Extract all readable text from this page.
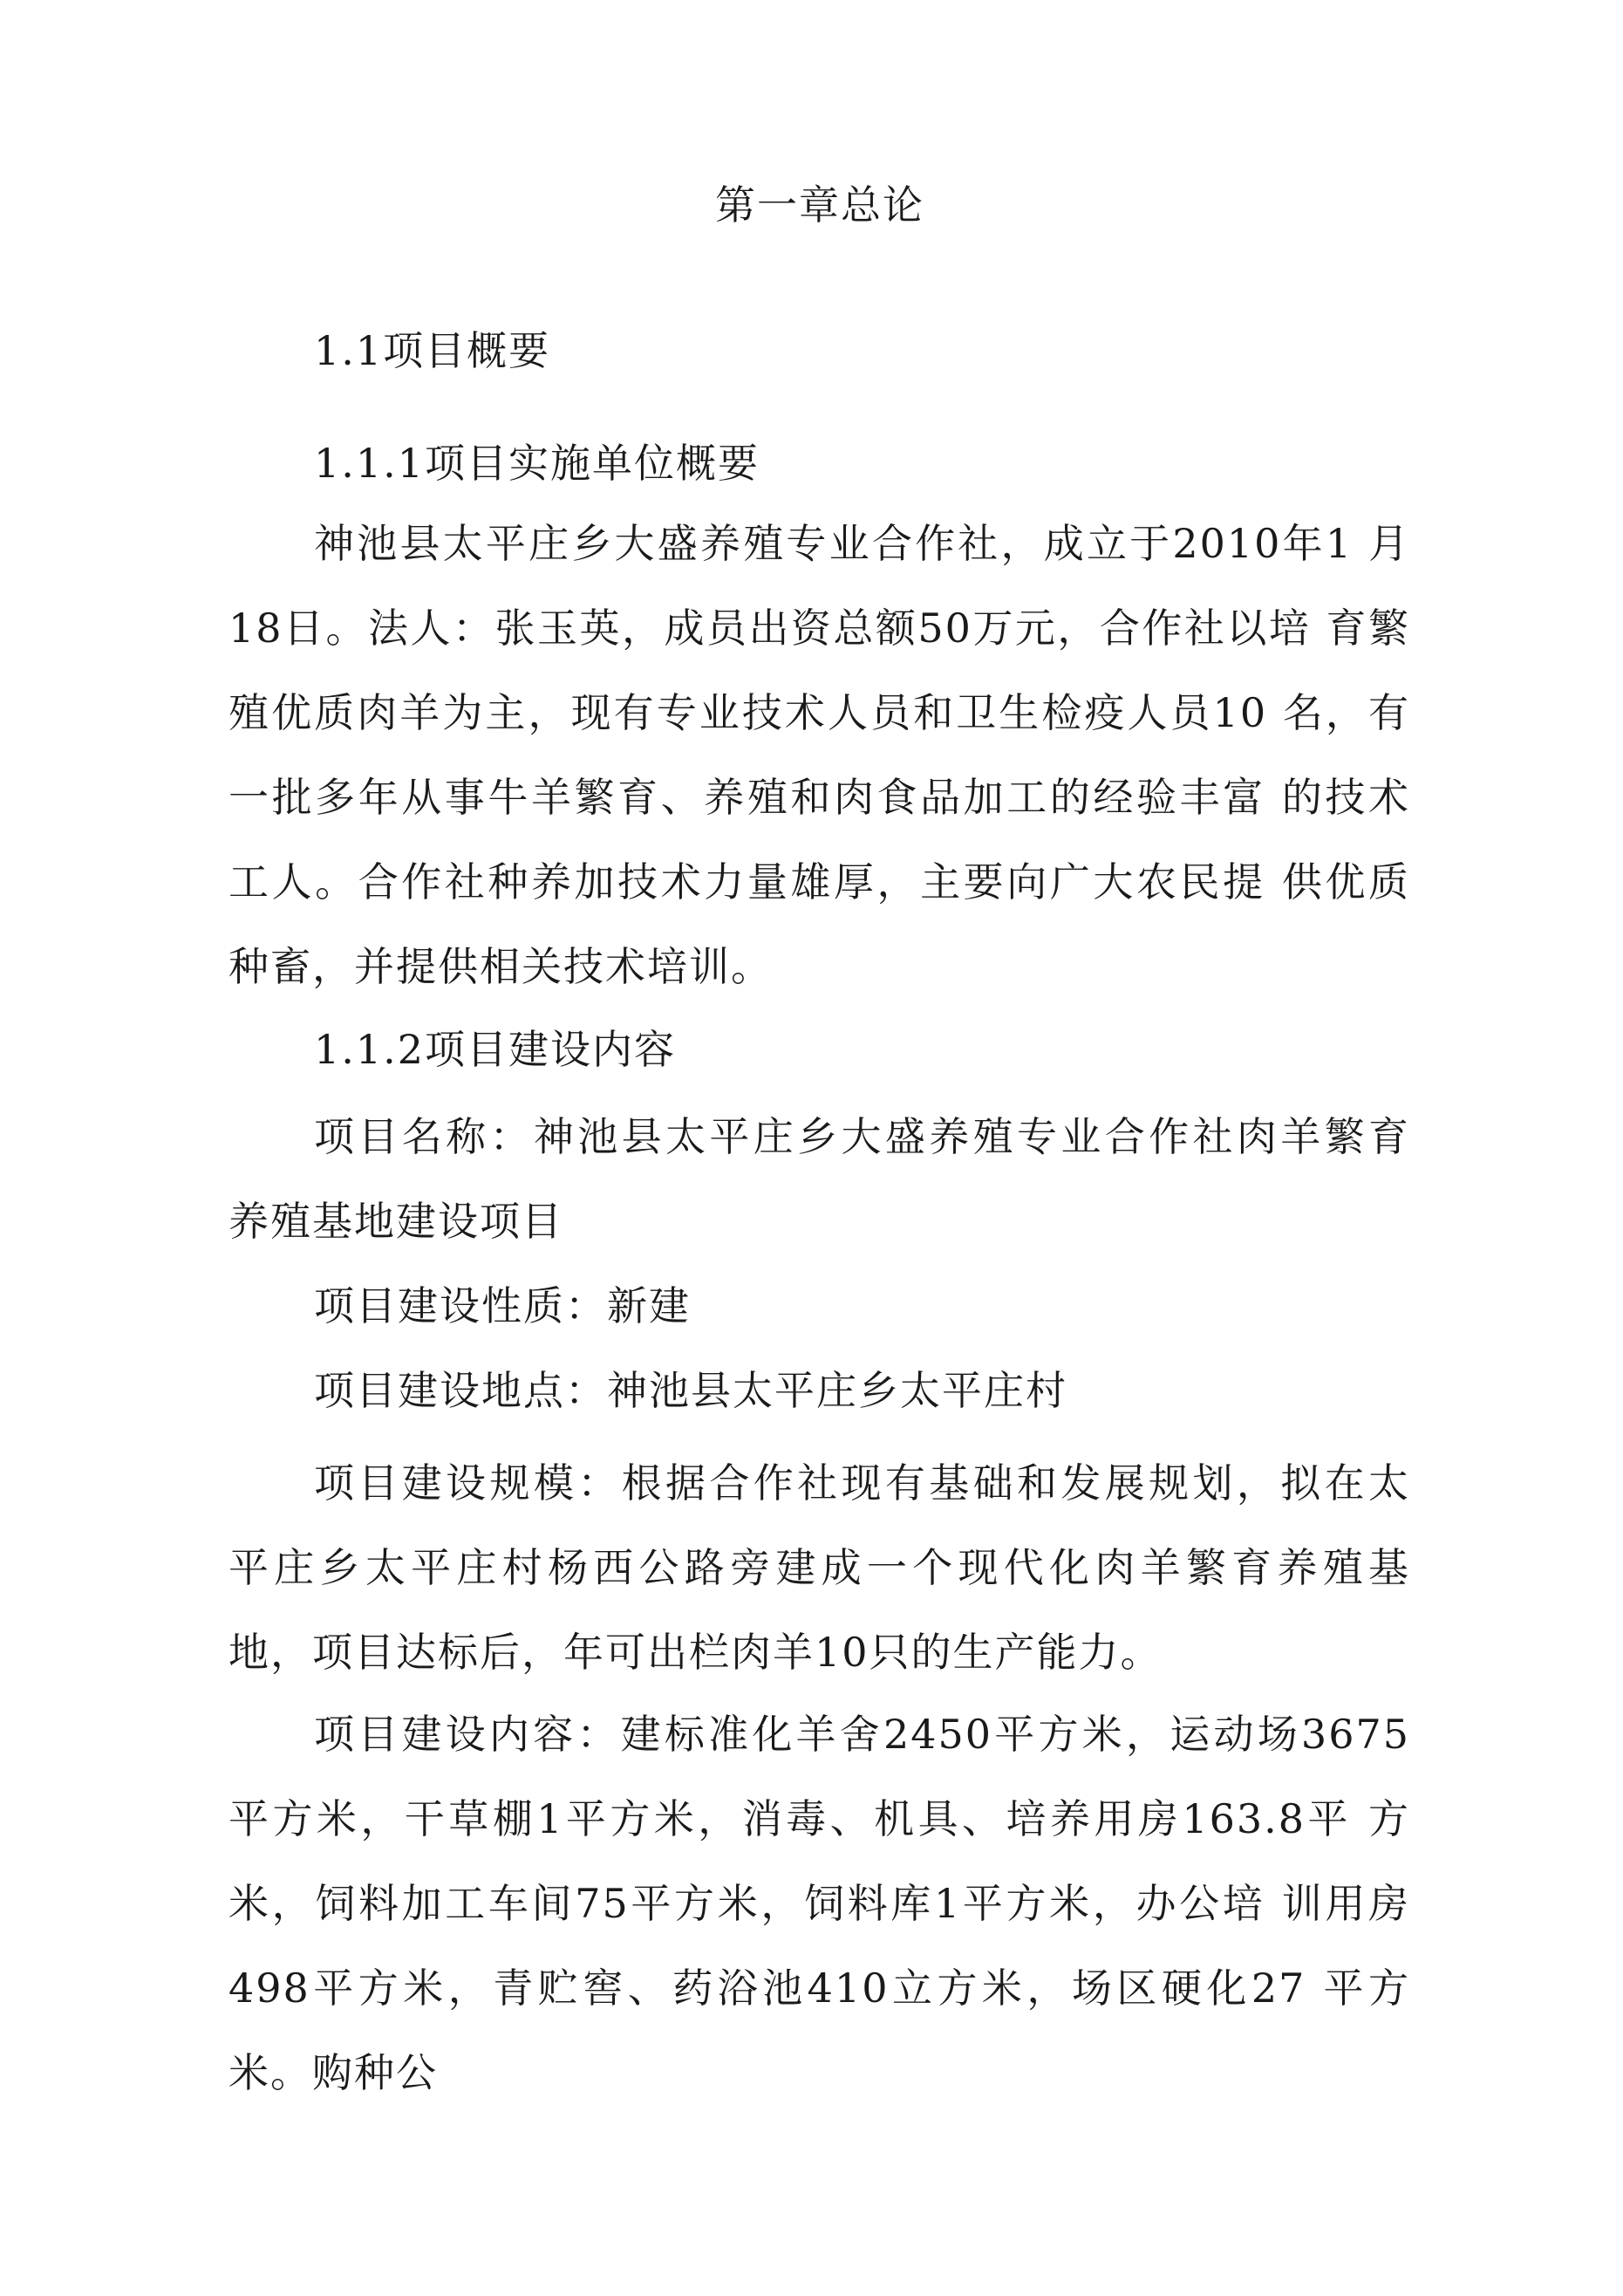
第一章总论
1.1项目概要
1.1.1项目实施单位概要
神池县太平庄乡大盛养殖专业合作社，成立于2010年1 月18日。法人：张玉英，成员出资总额50万元，合作社以培 育繁殖优质肉羊为主，现有专业技术人员和卫生检疫人员10 名，有一批多年从事牛羊繁育、养殖和肉食品加工的经验丰富 的技术工人。合作社种养加技术力量雄厚，主要向广大农民提 供优质种畜，并提供相关技术培训。
1.1.2项目建设内容
项目名称：神池县太平庄乡大盛养殖专业合作社肉羊繁育 养殖基地建设项目
项目建设性质：新建
项目建设地点：神池县太平庄乡太平庄村
项目建设规模：根据合作社现有基础和发展规划，拟在太 平庄乡太平庄村杨西公路旁建成一个现代化肉羊繁育养殖基 地，项目达标后，年可出栏肉羊10只的生产能力。
项目建设内容：建标准化羊舍2450平方米，运动场3675 平方米，干草棚1平方米，消毒、机具、培养用房163.8平 方米，饲料加工车间75平方米，饲料库1平方米，办公培 训用房498平方米，青贮窖、药浴池410立方米，场区硬化27 平方米。购种公
